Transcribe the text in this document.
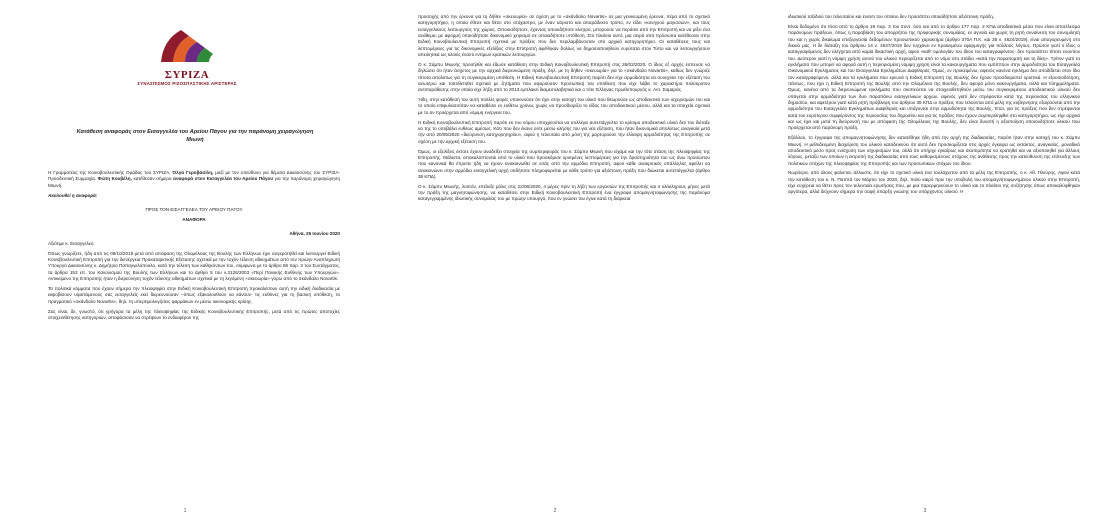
ΣΥΡΙΖΑ
ΣΥΝΑΣΠΙΣΜΟΣ ΡΙΖΟΣΠΑΣΤΙΚΗΣ ΑΡΙΣΤΕΡΑΣ
Κατάθεση αναφοράς στον Εισαγγελέα του Αρείου Πάγου για την παράνομη χειραγώγηση Μιωνή

Η Γραμματέας της Κοινοβουλευτικής Ομάδας του ΣΥΡΙΖΑ, Όλγα Γεροβασίλη, μαζί με τον υπεύθυνο για θέματα Δικαιοσύνης του ΣΥΡΙΖΑ-Προοδευτική Συμμαχία, Φώτη Κουβέλη, κατέθεσαν σήμερα αναφορά στον Εισαγγελέα του Αρείου Πάγου για την παράνομη χειραγώγηση Μιωνή.

Ακολουθεί η αναφορά:

ΠΡΟΣ ΤΟΝ ΕΙΣΑΓΓΕΛΕΑ ΤΟΥ ΑΡΕΙΟΥ ΠΑΓΟΥ

ΑΝΑΦΟΡΑ

Αθήνα, 26 Ιουνίου 2020

Αξιότιμε κ. Εισαγγελεύ,

Όπως γνωρίζετε, ήδη από τις 08/10/2019 μετά από απόφαση της Ολομέλειας της Βουλής των Ελλήνων έχει συγκροτηθεί και λειτουργεί Ειδική Κοινοβουλευτική Επιτροπή για την διενέργεια Προκαταρκτικής Εξέτασης σχετικά με την τυχόν τέλεση αδικημάτων από τον πρώην Αναπληρωτή Υπουργό Δικαιοσύνης κ. Δημήτριο Παπαγγελόπουλο, κατά την τέλεση των καθηκόντων του, σύμφωνα με το άρθρο 86 παρ. 3 του Συντάγματος, τα άρθρα 153 επ. του Κανονισμού της Βουλής των Ελλήνων και το άρθρο 5 του ν.3126/2003 «Περί Ποινικής Ευθύνης των Υπουργών». Αντικείμενο της Επιτροπής ήταν η διερεύνηση τυχόν τέλεσης αδικημάτων σχετικά με τη λεγόμενη «σκευωρία» γύρω από το σκάνδαλο Novartis.

Τα πολιτικά κόμματα που έχουν σήμερα την πλειοψηφία στην Ειδική Κοινοβουλευτική Επιτροπή προκαλέσουν αυτή την ειδική διαδικασία με εκφοβίσουν υφιστάμενους σας εισαγγελείς εκεί διερευνούσαν –όπως εξακολουθούν να κάνουν- τις ευθύνες για τη βασική υπόθεση, το πραγματικό «σκάνδαλο Novartis», δηλ. τη υπερτιμολογήσεις φαρμάκων εν μέσω οικονομικής κρίσης.

Σας είναι, δε, γνωστό, ότι γρήγορα τα μέλη της πλειοψηφίας της Ειδικής Κοινοβουλευτικής Επιτροπής, μετά από τις πρώτες αποτυχίες στοιχειοθέτησης κατηγοριών, αποφάσισαν να στρέψουν το ενδιαφέρον της

1

προσοχής από την έρευνα για τη δήθεν «σκευωρία» σε σχέση με το «σκάνδαλο Novartis» σε μια γενικευμένη έρευνα, πέρα από το σχετικό κατηγορητήριο, η οποία έθεσε και θέτει στο στόχαστρο, με έναν αόριστο και απαράδεκτο τρόπο, εν είδει «κυνηγιού μαγισσών», και τους εισαγγελικούς λειτουργούς της χώρας. Οποιοσδήποτε, έχοντας οποιοδήποτε κίνητρο, μπορούσε να περάσει από την Επιτροπή και να ρίξει ένα ανάθεμα, με αφορμή οποιοδήποτε δικονομικό χειρισμό σε οποιαδήποτε υπόθεση. Στο πλαίσιο αυτό, μια σειρά από πρόσωπα κατέθεσαν στην Ειδική Κοινοβουλευτική Επιτροπή σχετικά με πράξεις που δεν περιλαμβάνονταν στο αρχικό κατηγορητήριο. Οι καταθέσεις τους και λεπτομέρειες για τις δικονομικές εξελίξεις στην Επιτροπή αφέθηκαν δολίως να δημοσιοποιηθούν ευρύτατα στον Τύπο και να λειτουργήσουν απειλητικά ως κλοιός έναντι εντίμων κρατικών λειτουργών.

Ο κ. Σάμπυ Μιωνής προσήλθε και έδωσε κατάθεση στην Ειδική Κοινοβουλευτική Επιτροπή στις 26/02/2020. Ο ίδιος εξ αρχής έσπευσε να δηλώσει ότι ήταν άσχετος με την αρχικά διερευνώμενη πράξη, δηλ. με τη δήθεν «σκευωρία» για το «σκάνδαλο Novartis», καθώς δεν γνώριζε τίποτα απολύτως για τη συγκεκριμένη υπόθεση. Η Ειδική Κοινοβουλευτική Επιτροπή παρότι δεν είχε αρμοδιότητα να συνεχίσει την εξέταση του ανωτέρω και τοποθετηθεί σχετικά με ζητήματα που αφορούσαν προσωπική του υπόθεση που είχε λάβει το χαρακτήρα πολύκροτου αντιπαράθεσης στην οποία είχε λήξη από το 2013 εμπλακεί διαμεσολαβητικά και ο τότε Έλληνας πρωθυπουργός κ. Αντ. Σαμαράς.

Ήδη, στην κατάθεσή του αυτή πολλές φορές υποκινούσε ότι έχει στην κατοχή του υλικό που θεωρούσε ως αποδεικτικό των ισχυρισμών του και το οποίο επιφυλασσόταν να καταθέσει εν ευθέτω χρόνω, χωρίς να προσδιορίζει το είδος του αποδεικτικού μέσου, αλλά και τα στοιχεία σχετικά με το αν προέρχεται από νόμιμη ενέργεια του.

Η Ειδική Κοινοβουλευτική Επιτροπή παρότι εκ του νόμου υποχρεούται να συλλέγει αυτεπάγγελτα το κρίσιμο αποδεικτικό υλικό δεν τον διέταξε να της το υποβάλει ευθέως αμέσως. Κάτι που δεν έκανε ούτε μέσω κλήσης του για νέα εξέταση, που ήταν δικονομικά απολύτως αναγκαία μετά την από 20/05/2020 «διεύρυνση κατηγορητηρίου», αφού η τελευταία από μόνη της μαρτυρούσε την έλλειψη αρμοδιότητας της Επιτροπής σε σχέση με την αρχική εξέταση του.

Όμως, οι εξελίξεις έκτοτε έχουν αναδείξει στοιχεία της συμπεριφοράς του κ. Σάμπυ Μιωνή που είχαμε και την τότε στάση της πλειοψηφίας της Επιτροπής. Μάλιστα, αποκαλύπτονται από το υλικό που προσκόμισε ορισμένες λεπτομέρειες για την δραστηριότητα του ως άνω προσώπου που κανονικά θα έπρεπε ήδη να έχουν ανακοινωθεί σε εσάς από την αρμόδια Επιτροπή, αφού κάθε ανακριτικός υπάλληλος οφείλει να ανακοινώνει στην αρμόδια εισαγγελική αρχή οτιδήποτε πληροφορείται με κάθε τρόπο για αξιόποινη πράξη που διώκεται αυτεπάγγελτα (άρθρο 38 ΚΠΔ).

Ο κ. Σάμπυ Μιωνής, λοιπόν, επέλεξε μόλις στις 22/06/2020, 4 μέρες πριν τη λήξη των εργασιών της Επιτροπής και 4 ολόκληρους μήνες μετά την πράξη της μαγνητοφώνησης, να καταθέσει στην Ειδική Κοινοβουλευτική Επιτροπή ένα έγγραφο απομαγνητοφώνησης της παράνομα καταγεγραμμένης ιδιωτικής συνομιλίας του με πρώην υπουργό, που εν γνώσει του έγινε κατά τη διάρκεια

2

ιδιωτικού ταξιδιού του τελευταίου και έναντι του οποίου δεν προσάπτει οποιαδήποτε αξιόποινη πράξη.

Είναι δεδομένο ότι τόσο από το άρθρο 19 παρ. 3 του Συντ. όσο και από το άρθρο 177 παρ. 2 ΚΠΔ αποδεικτικά μέσα που είναι αποτέλεσμα παράνομων πράξεων, όπως η παραβίαση του απορρήτου της προφορικής συνομιλίας, εν αγνοία και χωρίς τη ρητή συναίνεση του συνομιλητή του και η χωρίς δικαίωμα επεξεργασία δεδομένων προσωπικού χαρακτήρα (άρθρο 370Α Π.Κ. και 38 ν. 4624/2019), είναι απαγορευμένη στο δικαιό μας. Η δε διάταξη του άρθρου 14 ν. 4637/2019 δεν τυγχάνει εν προκειμένω εφαρμογής για πολλούς λόγους. Πρώτον γιατί ο ίδιος ο καταγραφόμενος δεν ελέγχεται από καμία δικαστική αρχή, αφού «καθ' ομολογίαν του ίδιου του καταγραφόντος- δεν προσάπτει τίποτε εναντίον του. Δεύτερον γιατί η νόμιμη χρήση αυτού του υλικού περιορίζεται από το νόμο στο στάδιο «κατά την παραπομπή και τη δίκη». Τρίτον γιατί τα εγκλήματα που μπορεί να αφορά αυτή η περιορισμένη νόμιμη χρήση είναι τα κακουργήματα που εμπίπτουν στην αρμοδιότητα του Εισαγγελέα Οικονομικού Εγκλήματος και του Εισαγγελέα Εγκλημάτων Διαφθοράς. Όμως, εν προκειμένω, αφενός κανένα έγκλημα δεν αποδίδεται στον ίδιο τον καταγραφόμενο, αλλά και τα εγκλήματα που ερευνά η Ειδική Επιτροπή της Βουλής δεν έχουν προσδιοριστεί οριστικά. Η εξουσιοδότηση, πάντως, που έχει η Ειδική Επιτροπή της Βουλής από την Ολομέλεια της Βουλής, δεν αφορά μόνο κακουργήματα, αλλά και πλημμελήματα. Όμως, κανένα από τα διερευνώμενα εγκλήματα που σκοπεύεται να στοιχειοθετηθούν μέσω του συγκεκριμένου αποδεικτικού υλικού δεν υπάγεται στην αρμοδιότητα των δυο παραπάνω εισαγγελικών αρχών, αφενός γιατί δεν στρέφονται κατά της περιουσίας του ελληνικού δημοσίου, και αφετέρου γιατί κατά ρητή πρόβλεψη του άρθρου 35 ΚΠΔ οι πράξεις που τελούνται από μέλη της κυβέρνησης εξαιρούνται από την αρμοδιότητα του Εισαγγελέα Εγκλημάτων Διαφθοράς και υπάγονται στην αρμοδιότητα της Βουλής. Έτσι, για τις πράξεις που δεν στρέφονται κατά του ευρύτερου συμφέροντος της περιουσίας του δημοσίου και για τις πράξεις που έχουν συμπεριληφθεί στο κατηγορητήριο, ως είχε αρχικά και ως έχει και μετά τη διεύρυνσή του με απόφαση της Ολομέλειας της Βουλής, δεν είναι δυνατή η αξιοποίηση οποιουδήποτε υλικού που προέρχεται από παράνομη πράξη.

Εξάλλου, το έγγραφο της απομαγνητοφώνησης δεν κατατέθηκε ήδη από την αρχή της διαδικασίας, παρότι ήταν στην κατοχή του κ. Σάμπυ Μιωνή. Η μεθοδευμένη διαχείριση του υλικού καταδεικνύει ότι αυτό δεν προσκομίζεται στις αρχές έγκαιρα ως εκτακτος, αναγκαίος, μοναδικό αποδεικτικό μέσο προς ενίσχυση των ισχυρισμών του, αλλά ότι υπήρχε εγκαίρως και σκοπιμότητα να κρατηθεί και να αξιοποιηθεί για άλλους λόγους, μεταξύ των οποίων η εκτροπή της διαδικασίας από τους καθορισμένους στόχους της ανάθεσης προς την κατεύθυνση της επίτευξης των πολιτικών στόχων της πλειοψηφίας της Επιτροπής και των προσωπικών στόχων του ίδιου.

Νωρίτερα, από όλους φαίνεται, άλλωστε, ότι είχε το σχετικό υλικό ένα τουλάχιστον από τα μέλη της Επιτροπής, ο κ. Αθ. Πλεύρης. Αφού κατά την κατάθεση του κ. Ν. Παππά τον Μάρτιο του 2020, δηλ. πολύ καιρό πριν την υποβολή του απομαγνητοφωνημένου υλικού στην Επιτροπή, είχε ευχέρεια να θέτει προς τον τελευταίο ερωτήσεις που, με μια παρερμηνεύουν το υλικό και το πλαίσιο της συζήτησης όπως αποκαλύφθηκαν αργότερα, αλλά δείχνουν σήμερα την σαφή ύπαρξη γνώσης του υπάρχοντος υλικού. Η

3
